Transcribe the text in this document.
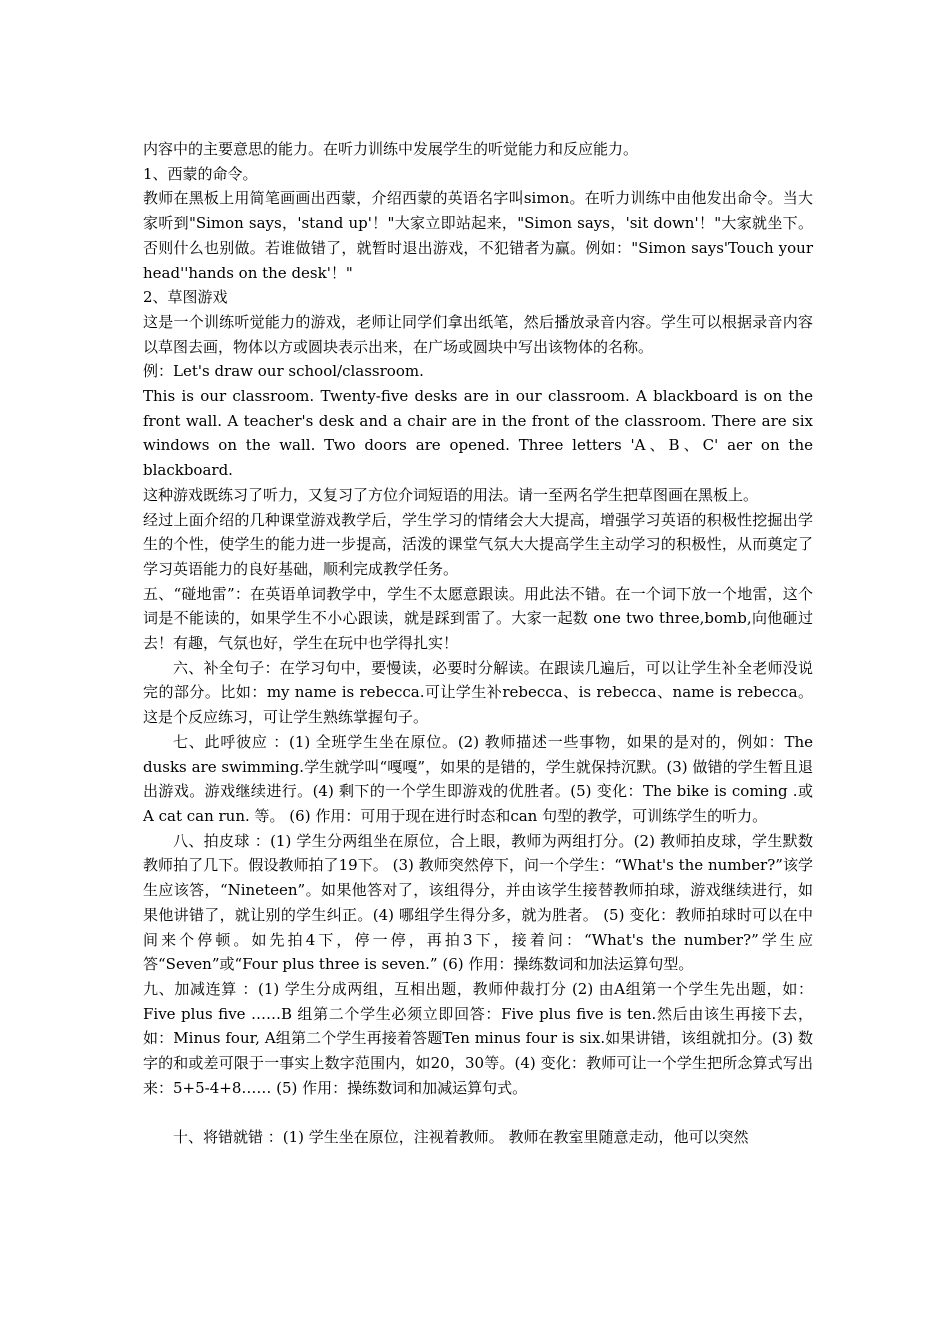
内容中的主要意思的能力。在听力训练中发展学生的听觉能力和反应能力。

1、西蒙的命令。

教师在黑板上用简笔画画出西蒙，介绍西蒙的英语名字叫simon。在听力训练中由他发出命令。当大家听到"Simon says，'stand up'！"大家立即站起来，"Simon says，'sit down'！"大家就坐下。否则什么也别做。若谁做错了，就暂时退出游戏，不犯错者为赢。例如："Simon says'Touch your head''hands on the desk'！"

2、草图游戏

这是一个训练听觉能力的游戏，老师让同学们拿出纸笔，然后播放录音内容。学生可以根据录音内容以草图去画，物体以方或圆块表示出来，在广场或圆块中写出该物体的名称。

例：Let's draw our school/classroom.

This is our classroom. Twenty-five desks are in our classroom. A blackboard is on the front wall. A teacher's desk and a chair are in the front of the classroom. There are six windows on the wall. Two doors are opened. Three letters 'A、B、C' aer on the blackboard.

这种游戏既练习了听力，又复习了方位介词短语的用法。请一至两名学生把草图画在黑板上。

经过上面介绍的几种课堂游戏教学后，学生学习的情绪会大大提高，增强学习英语的积极性挖掘出学生的个性，使学生的能力进一步提高，活泼的课堂气氛大大提高学生主动学习的积极性，从而奠定了学习英语能力的良好基础，顺利完成教学任务。

五、“碰地雷”：在英语单词教学中，学生不太愿意跟读。用此法不错。在一个词下放一个地雷，这个词是不能读的，如果学生不小心跟读，就是踩到雷了。大家一起数 one two three,bomb,向他砸过去！有趣，气氛也好，学生在玩中也学得扎实！

六、补全句子：在学习句中，要慢读，必要时分解读。在跟读几遍后，可以让学生补全老师没说完的部分。比如：my name is rebecca.可让学生补rebecca、is rebecca、name is rebecca。这是个反应练习，可让学生熟练掌握句子。

七、此呼彼应 ：(1) 全班学生坐在原位。(2) 教师描述一些事物，如果的是对的，例如：The dusks are swimming.学生就学叫“嘎嘎”，如果的是错的，学生就保持沉默。(3) 做错的学生暂且退出游戏。游戏继续进行。(4) 剩下的一个学生即游戏的优胜者。(5) 变化：The bike is coming .或 A cat can run. 等。 (6) 作用：可用于现在进行时态和can 句型的教学，可训练学生的听力。

八、拍皮球 ：(1) 学生分两组坐在原位，合上眼，教师为两组打分。(2) 教师拍皮球，学生默数教师拍了几下。假设教师拍了19下。 (3) 教师突然停下，问一个学生：“What's the number?”该学生应该答，“Nineteen”。如果他答对了，该组得分，并由该学生接替教师拍球，游戏继续进行，如果他讲错了，就让别的学生纠正。(4) 哪组学生得分多，就为胜者。 (5) 变化：教师拍球时可以在中间来个停顿。如先拍4下，停一停，再拍3下，接着问：“What's the number?”学生应答“Seven”或“Four plus three is seven.” (6) 作用：操练数词和加法运算句型。

九、加减连算 ：(1) 学生分成两组，互相出题，教师仲裁打分 (2) 由A组第一个学生先出题，如：Five plus five ……B 组第二个学生必须立即回答：Five plus five is ten.然后由该生再接下去，如：Minus four, A组第二个学生再接着答题Ten minus four is six.如果讲错，该组就扣分。(3) 数字的和或差可限于一事实上数字范围内，如20，30等。(4) 变化：教师可让一个学生把所念算式写出来：5+5-4+8…… (5) 作用：操练数词和加减运算句式。

十、将错就错 ：(1) 学生坐在原位，注视着教师。 教师在教室里随意走动，他可以突然
